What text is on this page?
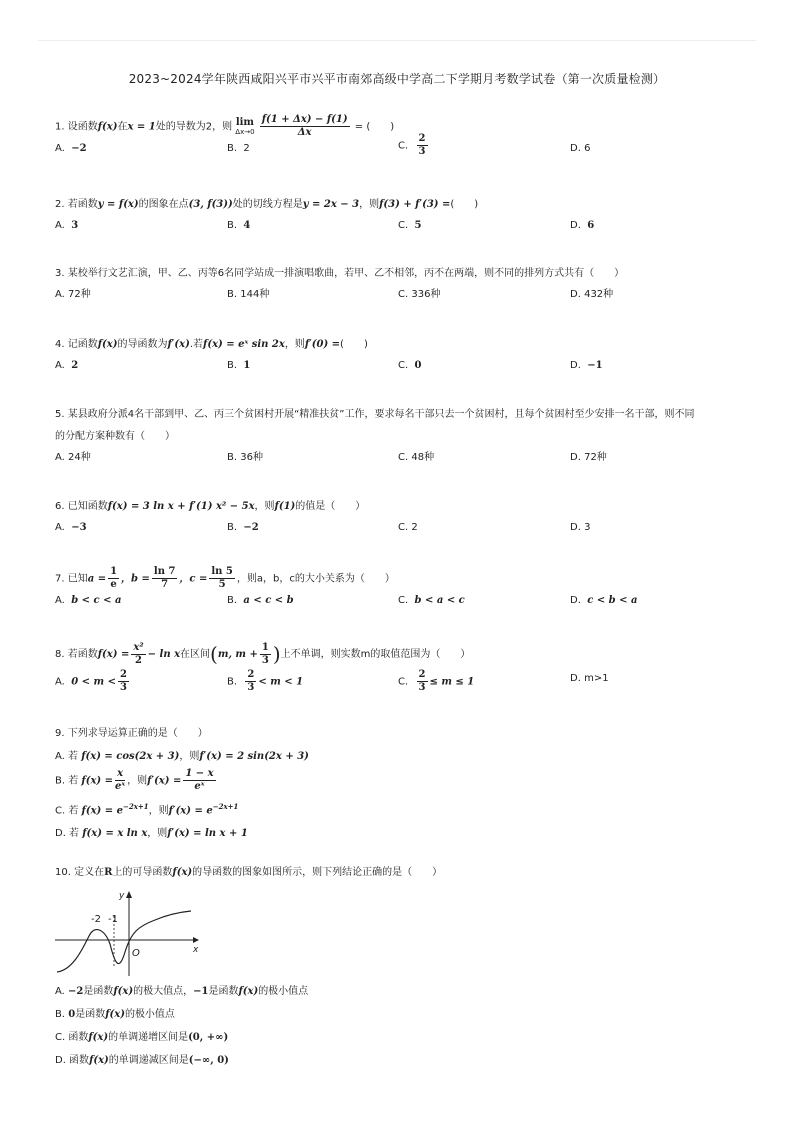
2023~2024学年陕西咸阳兴平市兴平市南郊高级中学高二下学期月考数学试卷（第一次质量检测）
1. 设函数f(x)在x = 1处的导数为2，则 lim
Δx→0
$\frac{f(1 + \Delta x) - f(1)}{\Delta x}$ = (　　)
A. −2	B. 2	C. $\frac{2}{3}$	D. 6
2. 若函数y = f(x)的图象在点(3, f(3))处的切线方程是y = 2x − 3，则f(3) + f′(3) =(　　)
A. 3	B. 4	C. 5	D. 6
3. 某校举行文艺汇演，甲、乙、丙等6名同学站成一排演唱歌曲，若甲、乙不相邻，丙不在两端，则不同的排列方式共有（　　）
A. 72种	B. 144种	C. 336种	D. 432种
4. 记函数f(x)的导函数为f′(x).若f(x) = eˣ sin 2x，则f′(0) =(　　)
A. 2	B. 1	C. 0	D. −1
5. 某县政府分派4名干部到甲、乙、丙三个贫困村开展“精准扶贫”工作，要求每名干部只去一个贫困村，且每个贫困村至少安排一名干部，则不同
的分配方案种数有（　　）
A. 24种	B. 36种	C. 48种	D. 72种
6. 已知函数f(x) = 3 ln x + f′(1) x² − 5x，则f(1)的值是（　　）
A. −3	B. −2	C. 2	D. 3
7. 已知$a = \frac{1}{e}$ ，$b = \frac{\ln 7}{7}$ ，$c = \frac{\ln 5}{5}$ ，则a，b，c的大小关系为（　　）
A. b < c < a	B. a < c < b	C. b < a < c	D. c < b < a
8. 若函数$f(x) = \frac{\text{x²}}{2} - \ln x$在区间(m, $m + \frac{1}{3}$ )上不单调，则实数m的取值范围为（　　）
A. $0 < m < \frac{2}{3}$	B. $\frac{2}{3} < m < 1$	C. $\frac{2}{3} \le m \le 1$	D. m>1
9. 下列求导运算正确的是（　　）
A. 若 f(x) = cos(2x + 3)，则f′(x) = 2 sin(2x + 3)
B. 若 $f(x) = \frac{x}{\text{eˣ}}$ ，则$f'(x) = \frac{1 - x}{\text{eˣ}}$
C. 若 $f(x) = e^{-2x+1}$，则$f'(x) = e^{-2x+1}$
D. 若 f(x) = x ln x，则f′(x) = ln x + 1
10. 定义在R上的可导函数f(x)的导函数的图象如图所示，则下列结论正确的是（　　）
-2 -1
O
y
x
A. −2是函数f(x)的极大值点，−1是函数f(x)的极小值点
B. 0是函数f(x)的极小值点
C. 函数f(x)的单调递增区间是(0, +∞)
D. 函数f(x)的单调递减区间是(−∞, 0)
